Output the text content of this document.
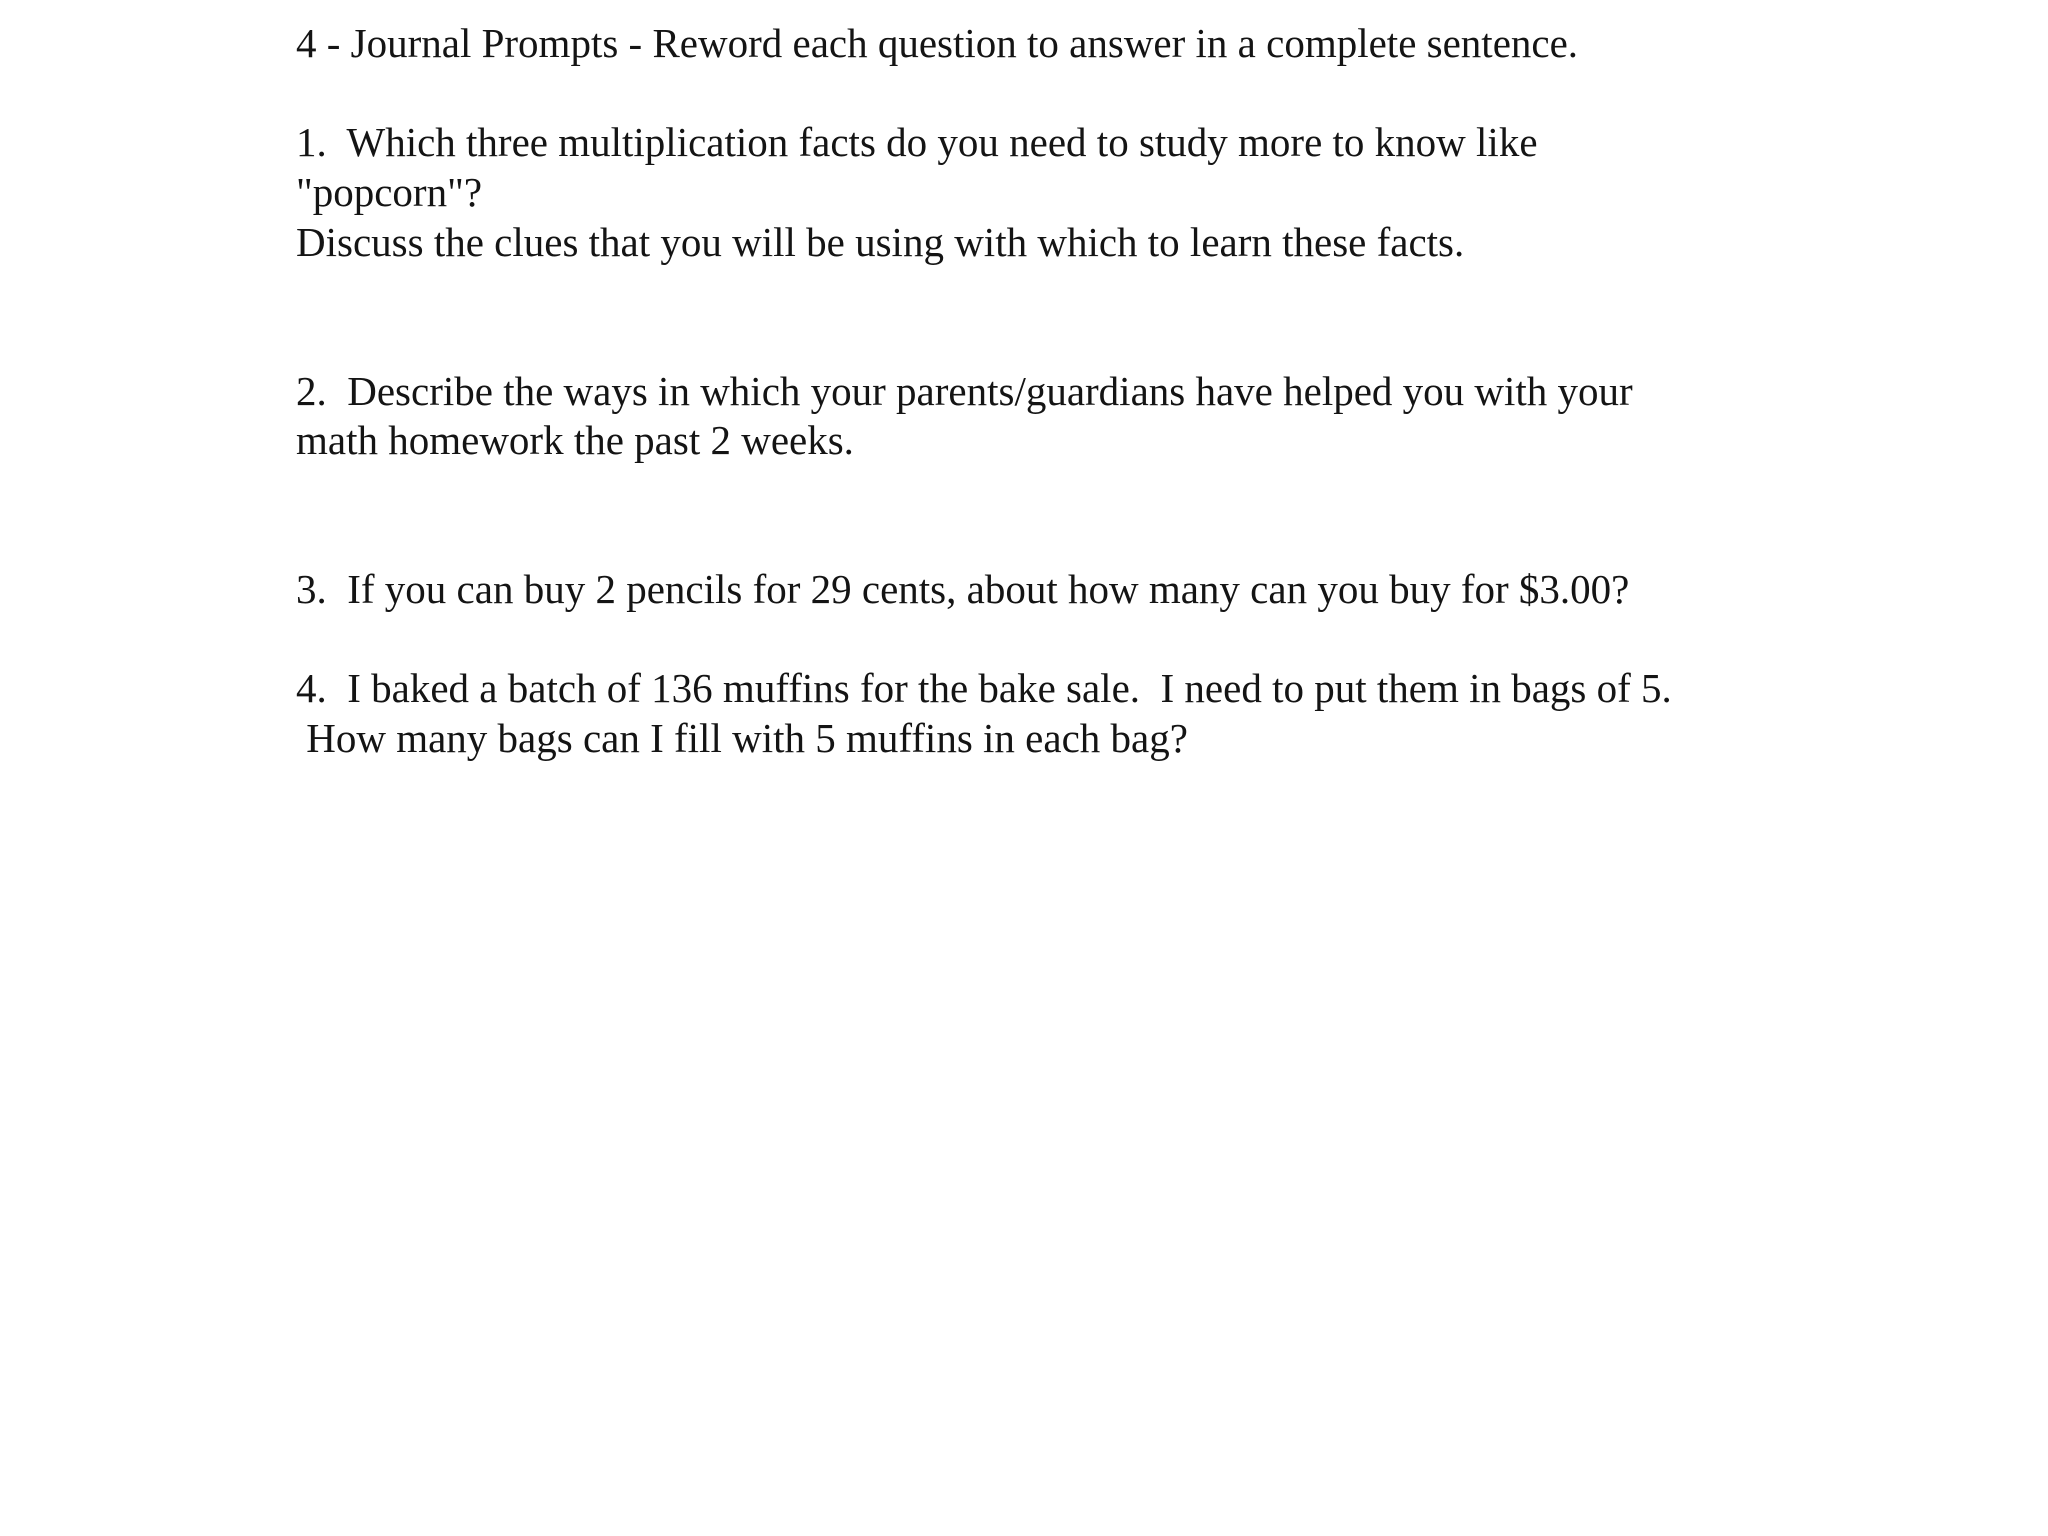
4 - Journal Prompts - Reword each question to answer in a complete sentence.

1.  Which three multiplication facts do you need to study more to know like

"popcorn"?

Discuss the clues that you will be using with which to learn these facts.

2.  Describe the ways in which your parents/guardians have helped you with your

math homework the past 2 weeks.

3.  If you can buy 2 pencils for 29 cents, about how many can you buy for $3.00?

4.  I baked a batch of 136 muffins for the bake sale.  I need to put them in bags of 5.

How many bags can I fill with 5 muffins in each bag?
